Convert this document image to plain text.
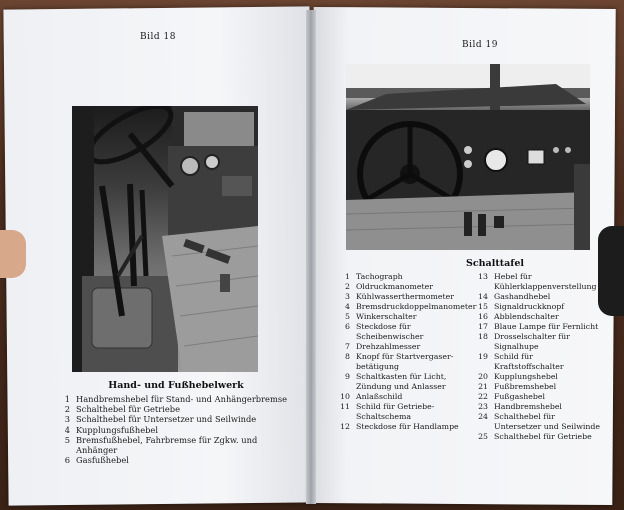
Bild 18
Hand- und Fußhebelwerk
1 Handbremshebel für Stand- und Anhängerbremse
2 Schalthebel für Getriebe
3 Schalthebel für Untersetzer und Seilwinde
4 Kupplungsfußhebel
5 Bremsfußhebel, Fahrbremse für Zgkw. und Anhänger
6 Gasfußhebel
Bild 19
Schalttafel
1 Tachograph
2 Oldruckmanometer
3 Kühlwasserthermometer
4 Bremsdruckdoppelmanometer
5 Winkerschalter
6 Steckdose für Scheibenwischer
7 Drehzahlmesser
8 Knopf für Startvergaser-
betätigung
9 Schaltkasten für Licht, Zündung und Anlasser
10 Anlaßschild
11 Schild für Getriebe-Schaltschema
12 Steckdose für Handlampe
13 Hebel für Kühlerklappenverstellung
14 Gashandhebel
15 Signaldruckknopf
16 Abblendschalter
17 Blaue Lampe für Fernlicht
18 Drosselschalter für Signalhupe
19 Schild für Kraftstoffschalter
20 Kupplungshebel
21 Fußbremshebel
22 Fußgashebel
23 Handbremshebel
24 Schalthebel für Untersetzer und Seilwinde
25 Schalthebel für Getriebe
